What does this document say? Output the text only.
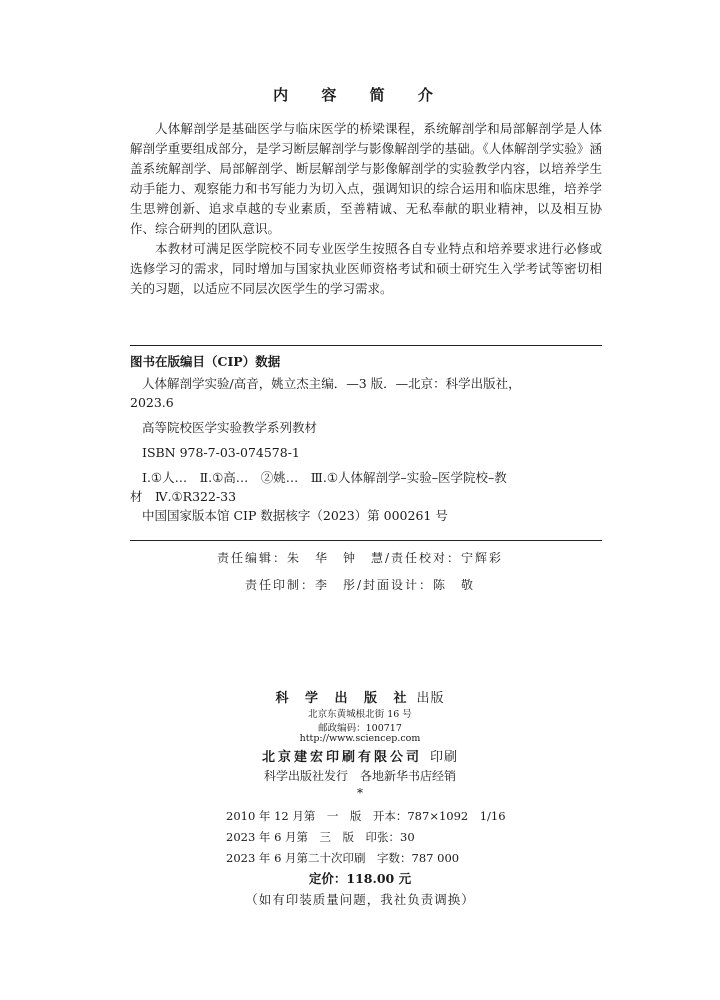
内 容 简 介

人体解剖学是基础医学与临床医学的桥梁课程，系统解剖学和局部解剖学是人体解剖学重要组成部分，是学习断层解剖学与影像解剖学的基础。《人体解剖学实验》涵盖系统解剖学、局部解剖学、断层解剖学与影像解剖学的实验教学内容，以培养学生动手能力、观察能力和书写能力为切入点，强调知识的综合运用和临床思维，培养学生思辨创新、追求卓越的专业素质，至善精诚、无私奉献的职业精神，以及相互协作、综合研判的团队意识。

本教材可满足医学院校不同专业医学生按照各自专业特点和培养要求进行必修或选修学习的需求，同时增加与国家执业医师资格考试和硕士研究生入学考试等密切相关的习题，以适应不同层次医学生的学习需求。

图书在版编目（CIP）数据

人体解剖学实验/高音，姚立杰主编．—3 版．—北京：科学出版社，

2023.6

高等院校医学实验教学系列教材

ISBN 978-7-03-074578-1

Ⅰ.①人…　Ⅱ.①高…　②姚…　Ⅲ.①人体解剖学–实验–医学院校–教

材　Ⅳ.①R322-33

中国国家版本馆 CIP 数据核字（2023）第 000261 号

责任编辑：朱　华　钟　慧/责任校对：宁辉彩
责任印制：李　彤/封面设计：陈　敬
科 学 出 版 社 出版
北京东黄城根北街 16 号
邮政编码：100717
http://www.sciencep.com
北京建宏印刷有限公司 印刷
科学出版社发行　各地新华书店经销
*
2010 年 12 月第　一　版　开本：787×1092　1/16
2023 年 6 月第　三　版　印张：30
2023 年 6 月第二十次印刷　字数：787 000
定价：118.00 元
（如有印装质量问题，我社负责调换）
